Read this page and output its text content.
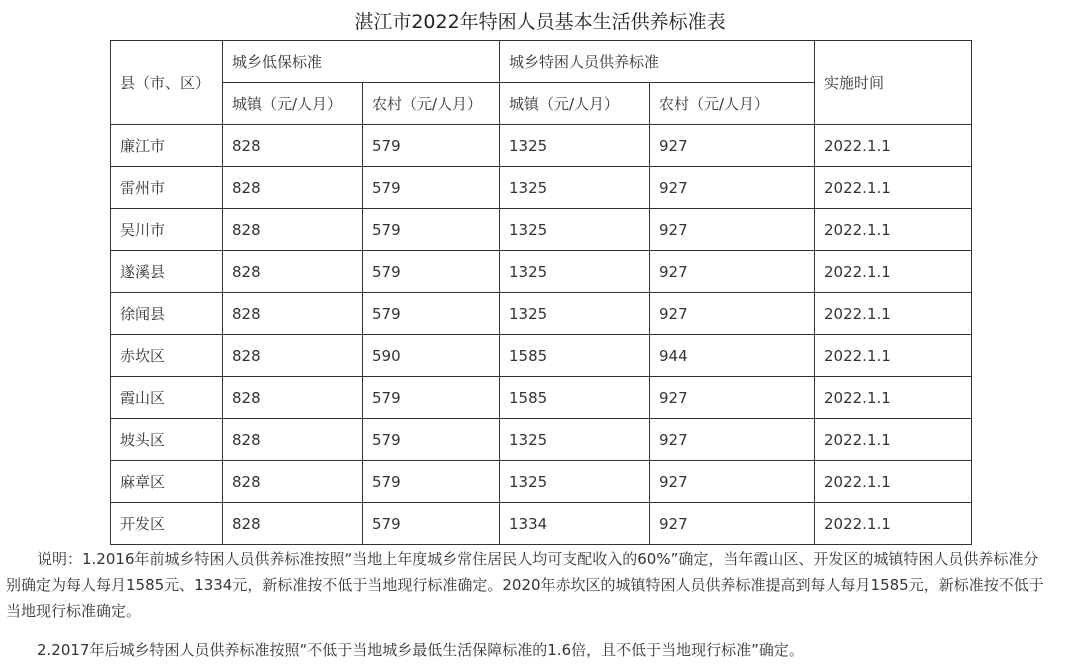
湛江市2022年特困人员基本生活供养标准表
县（市、区）	城乡低保标准		城乡特困人员供养标准		实施时间
	城镇（元/人月）	农村（元/人月）	城镇（元/人月）	农村（元/人月）	
廉江市	828	579	1325	927	2022.1.1
雷州市	828	579	1325	927	2022.1.1
吴川市	828	579	1325	927	2022.1.1
遂溪县	828	579	1325	927	2022.1.1
徐闻县	828	579	1325	927	2022.1.1
赤坎区	828	590	1585	944	2022.1.1
霞山区	828	579	1585	927	2022.1.1
坡头区	828	579	1325	927	2022.1.1
麻章区	828	579	1325	927	2022.1.1
开发区	828	579	1334	927	2022.1.1
说明：1.2016年前城乡特困人员供养标准按照“当地上年度城乡常住居民人均可支配收入的60%”确定，当年霞山区、开发区的城镇特困人员供养标准分
别确定为每人每月1585元、1334元，新标准按不低于当地现行标准确定。2020年赤坎区的城镇特困人员供养标准提高到每人每月1585元，新标准按不低于
当地现行标准确定。
2.2017年后城乡特困人员供养标准按照“不低于当地城乡最低生活保障标准的1.6倍，且不低于当地现行标准”确定。
